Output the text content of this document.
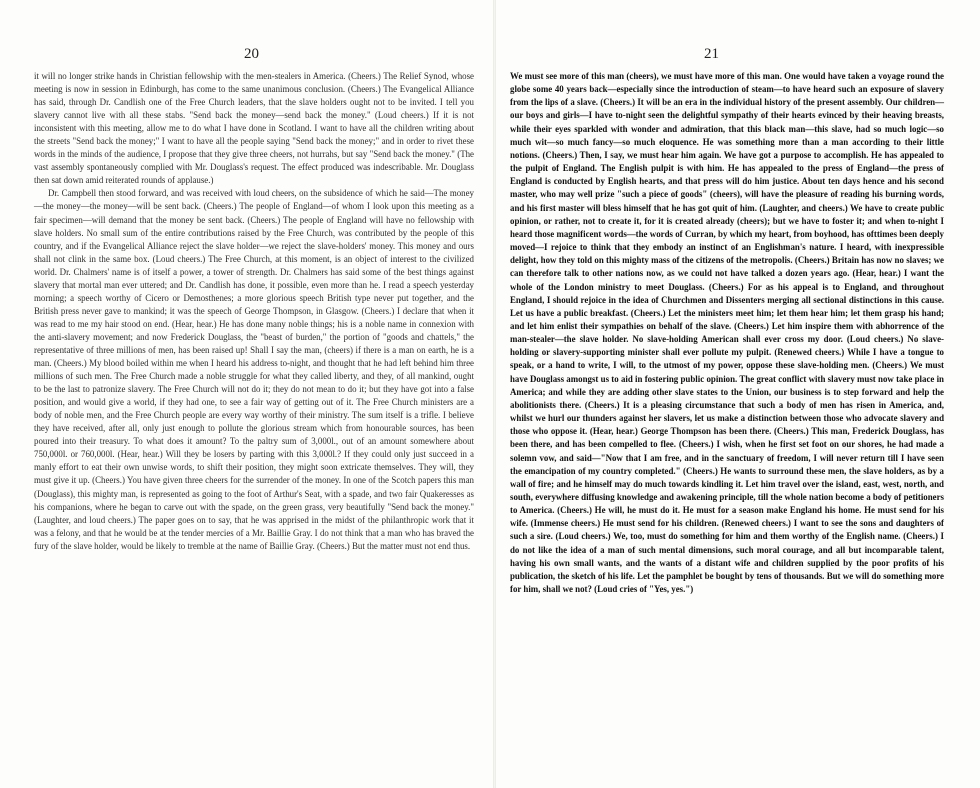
20

it will no longer strike hands in Christian fellowship with the men-stealers in America. (Cheers.) The Relief Synod, whose meeting is now in session in Edinburgh, has come to the same unanimous conclusion. (Cheers.) The Evangelical Alliance has said, through Dr. Candlish one of the Free Church leaders, that the slave holders ought not to be invited. I tell you slavery cannot live with all these stabs. "Send back the money—send back the money." (Loud cheers.) If it is not inconsistent with this meeting, allow me to do what I have done in Scotland. I want to have all the children writing about the streets "Send back the money;" I want to have all the people saying "Send back the money;" and in order to rivet these words in the minds of the audience, I propose that they give three cheers, not hurrahs, but say "Send back the money." (The vast assembly spontaneously complied with Mr. Douglass's request. The effect produced was indescribable. Mr. Douglass then sat down amid reiterated rounds of applause.)

Dr. Campbell then stood forward, and was received with loud cheers, on the subsidence of which he said—The money—the money—the money—will be sent back. (Cheers.) The people of England—of whom I look upon this meeting as a fair specimen—will demand that the money be sent back. (Cheers.) The people of England will have no fellowship with slave holders. No small sum of the entire contributions raised by the Free Church, was contributed by the people of this country, and if the Evangelical Alliance reject the slave holder—we reject the slave-holders' money. This money and ours shall not clink in the same box. (Loud cheers.) The Free Church, at this moment, is an object of interest to the civilized world. Dr. Chalmers' name is of itself a power, a tower of strength. Dr. Chalmers has said some of the best things against slavery that mortal man ever uttered; and Dr. Candlish has done, it possible, even more than he. I read a speech yesterday morning; a speech worthy of Cicero or Demosthenes; a more glorious speech British type never put together, and the British press never gave to mankind; it was the speech of George Thompson, in Glasgow. (Cheers.) I declare that when it was read to me my hair stood on end. (Hear, hear.) He has done many noble things; his is a noble name in connexion with the anti-slavery movement; and now Frederick Douglass, the "beast of burden," the portion of "goods and chattels," the representative of three millions of men, has been raised up! Shall I say the man, (cheers) if there is a man on earth, he is a man. (Cheers.) My blood boiled within me when I heard his address to-night, and thought that he had left behind him three millions of such men. The Free Church made a noble struggle for what they called liberty, and they, of all mankind, ought to be the last to patronize slavery. The Free Church will not do it; they do not mean to do it; but they have got into a false position, and would give a world, if they had one, to see a fair way of getting out of it. The Free Church ministers are a body of noble men, and the Free Church people are every way worthy of their ministry. The sum itself is a trifle. I believe they have received, after all, only just enough to pollute the glorious stream which from honourable sources, has been poured into their treasury. To what does it amount? To the paltry sum of 3,000l., out of an amount somewhere about 750,000l. or 760,000l. (Hear, hear.) Will they be losers by parting with this 3,000l.? If they could only just succeed in a manly effort to eat their own unwise words, to shift their position, they might soon extricate themselves. They will, they must give it up. (Cheers.) You have given three cheers for the surrender of the money. In one of the Scotch papers this man (Douglass), this mighty man, is represented as going to the foot of Arthur's Seat, with a spade, and two fair Quakeresses as his companions, where he began to carve out with the spade, on the green grass, very beautifully "Send back the money." (Laughter, and loud cheers.) The paper goes on to say, that he was apprised in the midst of the philanthropic work that it was a felony, and that he would be at the tender mercies of a Mr. Baillie Gray. I do not think that a man who has braved the fury of the slave holder, would be likely to tremble at the name of Baillie Gray. (Cheers.) But the matter must not end thus.

21

We must see more of this man (cheers), we must have more of this man. One would have taken a voyage round the globe some 40 years back—especially since the introduction of steam—to have heard such an exposure of slavery from the lips of a slave. (Cheers.) It will be an era in the individual history of the present assembly. Our children—our boys and girls—I have to-night seen the delightful sympathy of their hearts evinced by their heaving breasts, while their eyes sparkled with wonder and admiration, that this black man—this slave, had so much logic—so much wit—so much fancy—so much eloquence. He was something more than a man according to their little notions. (Cheers.) Then, I say, we must hear him again. We have got a purpose to accomplish. He has appealed to the pulpit of England. The English pulpit is with him. He has appealed to the press of England—the press of England is conducted by English hearts, and that press will do him justice. About ten days hence and his second master, who may well prize "such a piece of goods" (cheers), will have the pleasure of reading his burning words, and his first master will bless himself that he has got quit of him. (Laughter, and cheers.) We have to create public opinion, or rather, not to create it, for it is created already (cheers); but we have to foster it; and when to-night I heard those magnificent words—the words of Curran, by which my heart, from boyhood, has ofttimes been deeply moved—I rejoice to think that they embody an instinct of an Englishman's nature. I heard, with inexpressible delight, how they told on this mighty mass of the citizens of the metropolis. (Cheers.) Britain has now no slaves; we can therefore talk to other nations now, as we could not have talked a dozen years ago. (Hear, hear.) I want the whole of the London ministry to meet Douglass. (Cheers.) For as his appeal is to England, and throughout England, I should rejoice in the idea of Churchmen and Dissenters merging all sectional distinctions in this cause. Let us have a public breakfast. (Cheers.) Let the ministers meet him; let them hear him; let them grasp his hand; and let him enlist their sympathies on behalf of the slave. (Cheers.) Let him inspire them with abhorrence of the man-stealer—the slave holder. No slave-holding American shall ever cross my door. (Loud cheers.) No slave-holding or slavery-supporting minister shall ever pollute my pulpit. (Renewed cheers.) While I have a tongue to speak, or a hand to write, I will, to the utmost of my power, oppose these slave-holding men. (Cheers.) We must have Douglass amongst us to aid in fostering public opinion. The great conflict with slavery must now take place in America; and while they are adding other slave states to the Union, our business is to step forward and help the abolitionists there. (Cheers.) It is a pleasing circumstance that such a body of men has risen in America, and, whilst we hurl our thunders against her slavers, let us make a distinction between those who advocate slavery and those who oppose it. (Hear, hear.) George Thompson has been there. (Cheers.) This man, Frederick Douglass, has been there, and has been compelled to flee. (Cheers.) I wish, when he first set foot on our shores, he had made a solemn vow, and said—"Now that I am free, and in the sanctuary of freedom, I will never return till I have seen the emancipation of my country completed." (Cheers.) He wants to surround these men, the slave holders, as by a wall of fire; and he himself may do much towards kindling it. Let him travel over the island, east, west, north, and south, everywhere diffusing knowledge and awakening principle, till the whole nation become a body of petitioners to America. (Cheers.) He will, he must do it. He must for a season make England his home. He must send for his wife. (Immense cheers.) He must send for his children. (Renewed cheers.) I want to see the sons and daughters of such a sire. (Loud cheers.) We, too, must do something for him and them worthy of the English name. (Cheers.) I do not like the idea of a man of such mental dimensions, such moral courage, and all but incomparable talent, having his own small wants, and the wants of a distant wife and children supplied by the poor profits of his publication, the sketch of his life. Let the pamphlet be bought by tens of thousands. But we will do something more for him, shall we not? (Loud cries of "Yes, yes.")
